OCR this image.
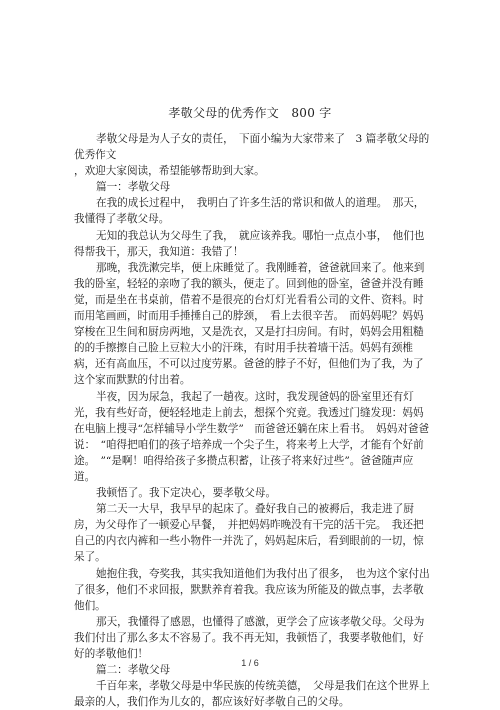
孝敬父母的优秀作文　800 字

孝敬父母是为人子女的责任，　下面小编为大家带来了　3 篇孝敬父母的优秀作文

，欢迎大家阅读，希望能够帮助到大家。

篇一：孝敬父母

在我的成长过程中，　我明白了许多生活的常识和做人的道理。　那天，我懂得了孝敬父母。

无知的我总认为父母生了我，　就应该养我。哪怕一点点小事，　他们也得帮我干，那天，我知道：我错了！

那晚，我洗漱完毕，便上床睡觉了。我刚睡着，爸爸就回来了。他来到我的卧室，轻轻的亲吻了我的额头，便走了。回到他的卧室，爸爸并没有睡觉，而是坐在书桌前，借着不是很亮的台灯灯光看看公司的文件、资料。时而用笔画画，时而用手捶捶自己的脖颈，　看上去很辛苦。　而妈妈呢？妈妈穿梭在卫生间和厨房两地，又是洗衣，又是打扫房间。有时，妈妈会用粗糙的的手擦擦自己脸上豆粒大小的汗珠，有时用手扶着墙干活。妈妈有颈椎病，还有高血压，不可以过度劳累。爸爸的脖子不好，但他们为了我，为了这个家而默默的付出着。

半夜，因为尿急，我起了一趟夜。这时，我发现爸妈的卧室里还有灯光，我有些好奇，便轻轻地走上前去，想探个究竟。我透过门缝发现：妈妈在电脑上搜寻“怎样辅导小学生数学”　而爸爸还躺在床上看书。　妈妈对爸爸说：　“咱得把咱们的孩子培养成一个尖子生，将来考上大学，才能有个好前途。　”“是啊！咱得给孩子多攒点积蓄，让孩子将来好过些”。爸爸随声应道。

我顿悟了。我下定决心，要孝敬父母。

第二天一大早，我早早的起床了。叠好我自己的被褥后，我走进了厨房，为父母作了一顿爱心早餐，　并把妈妈昨晚没有干完的活干完。　我还把自己的内衣内裤和一些小物件一并洗了，妈妈起床后，看到眼前的一切，惊呆了。

她抱住我，夸奖我，其实我知道他们为我付出了很多，　也为这个家付出了很多，他们不求回报，默默养育着我。我应该为所能及的做点事，去孝敬他们。

那天，我懂得了感恩，也懂得了感激，更学会了应该孝敬父母。父母为我们付出了那么多太不容易了。我不再无知，我顿悟了，我要孝敬他们，好好的孝敬他们！

篇二：孝敬父母

千百年来，孝敬父母是中华民族的传统美德，　父母是我们在这个世界上最亲的人，我们作为儿女的，都应该好好孝敬自己的父母。

1 / 6
